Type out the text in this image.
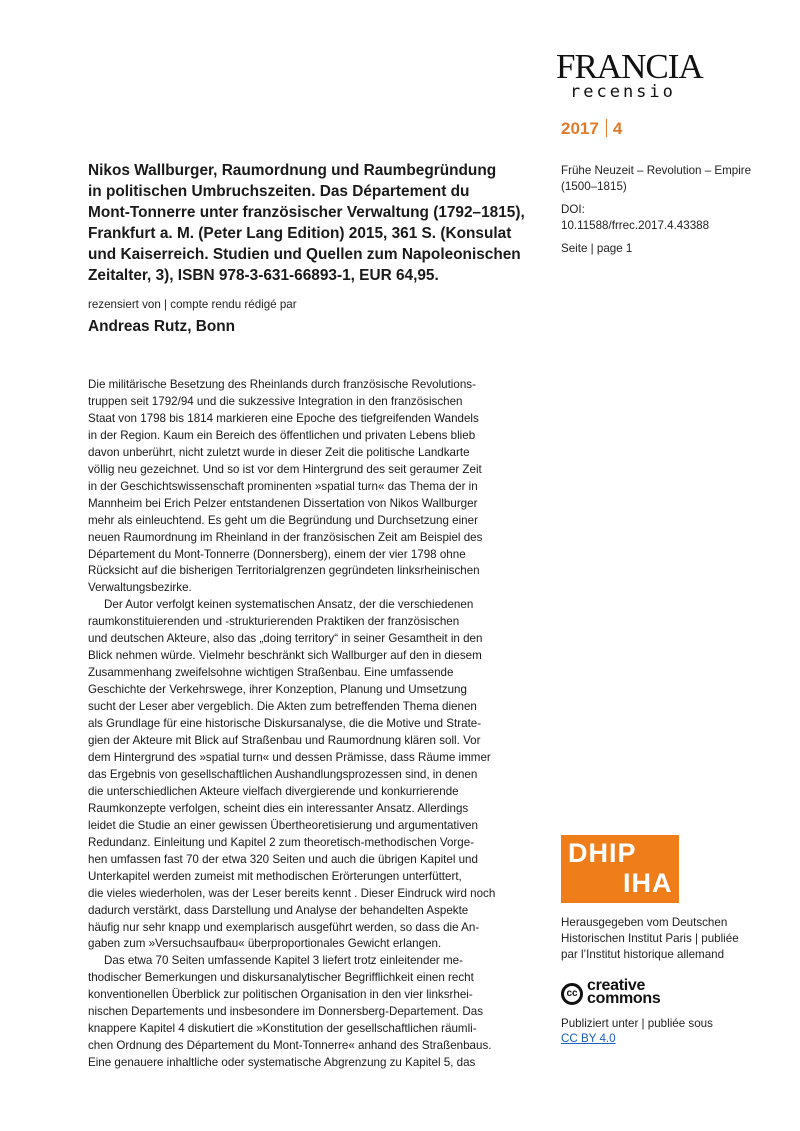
FRANCIA
recensio
2017 4
Nikos Wallburger, Raumordnung und Raumbegründung
in politischen Umbruchszeiten. Das Département du
Mont-Tonnerre unter französischer Verwaltung (1792–1815),
Frankfurt a. M. (Peter Lang Edition) 2015, 361 S. (Konsulat
und Kaiserreich. Studien und Quellen zum Napoleonischen
Zeitalter, 3), ISBN 978-3-631-66893-1, EUR 64,95.

Frühe Neuzeit – Revolution – Empire

(1500–1815)

DOI:

10.11588/frrec.2017.4.43388

Seite | page 1

rezensiert von | compte rendu rédigé par
Andreas Rutz, Bonn
Die militärische Besetzung des Rheinlands durch französische Revolutions-
truppen seit 1792/94 und die sukzessive Integration in den französischen
Staat von 1798 bis 1814 markieren eine Epoche des tiefgreifenden Wandels
in der Region. Kaum ein Bereich des öffentlichen und privaten Lebens blieb
davon unberührt, nicht zuletzt wurde in dieser Zeit die politische Landkarte
völlig neu gezeichnet. Und so ist vor dem Hintergrund des seit geraumer Zeit
in der Geschichtswissenschaft prominenten »spatial turn« das Thema der in
Mannheim bei Erich Pelzer entstandenen Dissertation von Nikos Wallburger
mehr als einleuchtend. Es geht um die Begründung und Durchsetzung einer
neuen Raumordnung im Rheinland in der französischen Zeit am Beispiel des
Département du Mont-Tonnerre (Donnersberg), einem der vier 1798 ohne
Rücksicht auf die bisherigen Territorialgrenzen gegründeten linksrheinischen
Verwaltungsbezirke.
Der Autor verfolgt keinen systematischen Ansatz, der die verschiedenen
raumkonstituierenden und -strukturierenden Praktiken der französischen
und deutschen Akteure, also das „doing territory“ in seiner Gesamtheit in den
Blick nehmen würde. Vielmehr beschränkt sich Wallburger auf den in diesem
Zusammenhang zweifelsohne wichtigen Straßenbau. Eine umfassende
Geschichte der Verkehrswege, ihrer Konzeption, Planung und Umsetzung
sucht der Leser aber vergeblich. Die Akten zum betreffenden Thema dienen
als Grundlage für eine historische Diskursanalyse, die die Motive und Strate-
gien der Akteure mit Blick auf Straßenbau und Raumordnung klären soll. Vor
dem Hintergrund des »spatial turn« und dessen Prämisse, dass Räume immer
das Ergebnis von gesellschaftlichen Aushandlungsprozessen sind, in denen
die unterschiedlichen Akteure vielfach divergierende und konkurrierende
Raumkonzepte verfolgen, scheint dies ein interessanter Ansatz. Allerdings
leidet die Studie an einer gewissen Übertheoretisierung und argumentativen
Redundanz. Einleitung und Kapitel 2 zum theoretisch-methodischen Vorge-
hen umfassen fast 70 der etwa 320 Seiten und auch die übrigen Kapitel und
Unterkapitel werden zumeist mit methodischen Erörterungen unterfüttert,
die vieles wiederholen, was der Leser bereits kennt . Dieser Eindruck wird noch
dadurch verstärkt, dass Darstellung und Analyse der behandelten Aspekte
häufig nur sehr knapp und exemplarisch ausgeführt werden, so dass die An-
gaben zum »Versuchsaufbau« überproportionales Gewicht erlangen.
Das etwa 70 Seiten umfassende Kapitel 3 liefert trotz einleitender me-
thodischer Bemerkungen und diskursanalytischer Begrifflichkeit einen recht
konventionellen Überblick zur politischen Organisation in den vier linksrhei-
nischen Departements und insbesondere im Donnersberg-Departement. Das
knappere Kapitel 4 diskutiert die »Konstitution der gesellschaftlichen räumli-
chen Ordnung des Département du Mont-Tonnerre« anhand des Straßenbaus.
Eine genauere inhaltliche oder systematische Abgrenzung zu Kapitel 5, das
DHIP
IHA
Herausgegeben vom Deutschen
Historischen Institut Paris | publiée
par l’Institut historique allemand
cc creative
commons
Publiziert unter | publiée sous
CC BY 4.0
